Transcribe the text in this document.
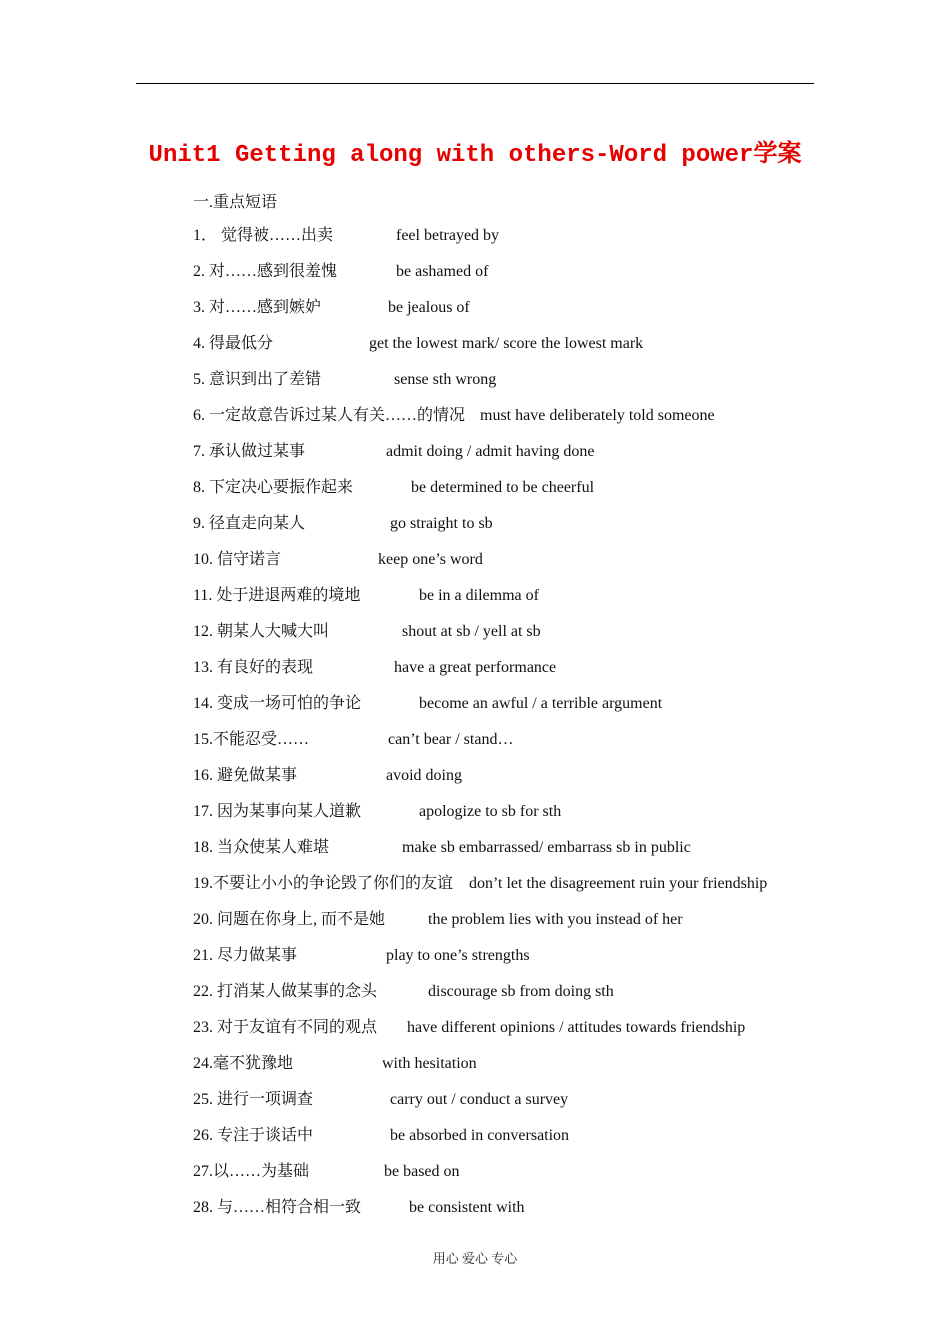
Unit1 Getting along with others-Word power学案
一.重点短语
1． 觉得被……出卖	feel betrayed by
2. 对……感到很羞愧	be ashamed of
3. 对……感到嫉妒	be jealous of
4. 得最低分	get the lowest mark/ score the lowest mark
5. 意识到出了差错	sense sth wrong
6. 一定故意告诉过某人有关……的情况 must have deliberately told someone
7. 承认做过某事	admit doing / admit having done
8. 下定决心要振作起来	be determined to be cheerful
9. 径直走向某人	go straight to sb
10. 信守诺言	keep one’s word
11. 处于进退两难的境地	be in a dilemma of
12. 朝某人大喊大叫	shout at sb / yell at sb
13. 有良好的表现	have a great performance
14. 变成一场可怕的争论	become an awful / a terrible argument
15.不能忍受……	can’t bear / stand…
16. 避免做某事	avoid doing
17. 因为某事向某人道歉	apologize to sb for sth
18. 当众使某人难堪	make sb embarrassed/ embarrass sb in public
19.不要让小小的争论毁了你们的友谊 don’t let the disagreement ruin your friendship
20. 问题在你身上, 而不是她	the problem lies with you instead of her
21. 尽力做某事	play to one’s strengths
22. 打消某人做某事的念头	discourage sb from doing sth
23. 对于友谊有不同的观点 have different opinions / attitudes towards friendship
24.毫不犹豫地	with hesitation
25. 进行一项调查	carry out / conduct a survey
26. 专注于谈话中	be absorbed in conversation
27.以……为基础	be based on
28. 与……相符合相一致	be consistent with
用心 爱心 专心
